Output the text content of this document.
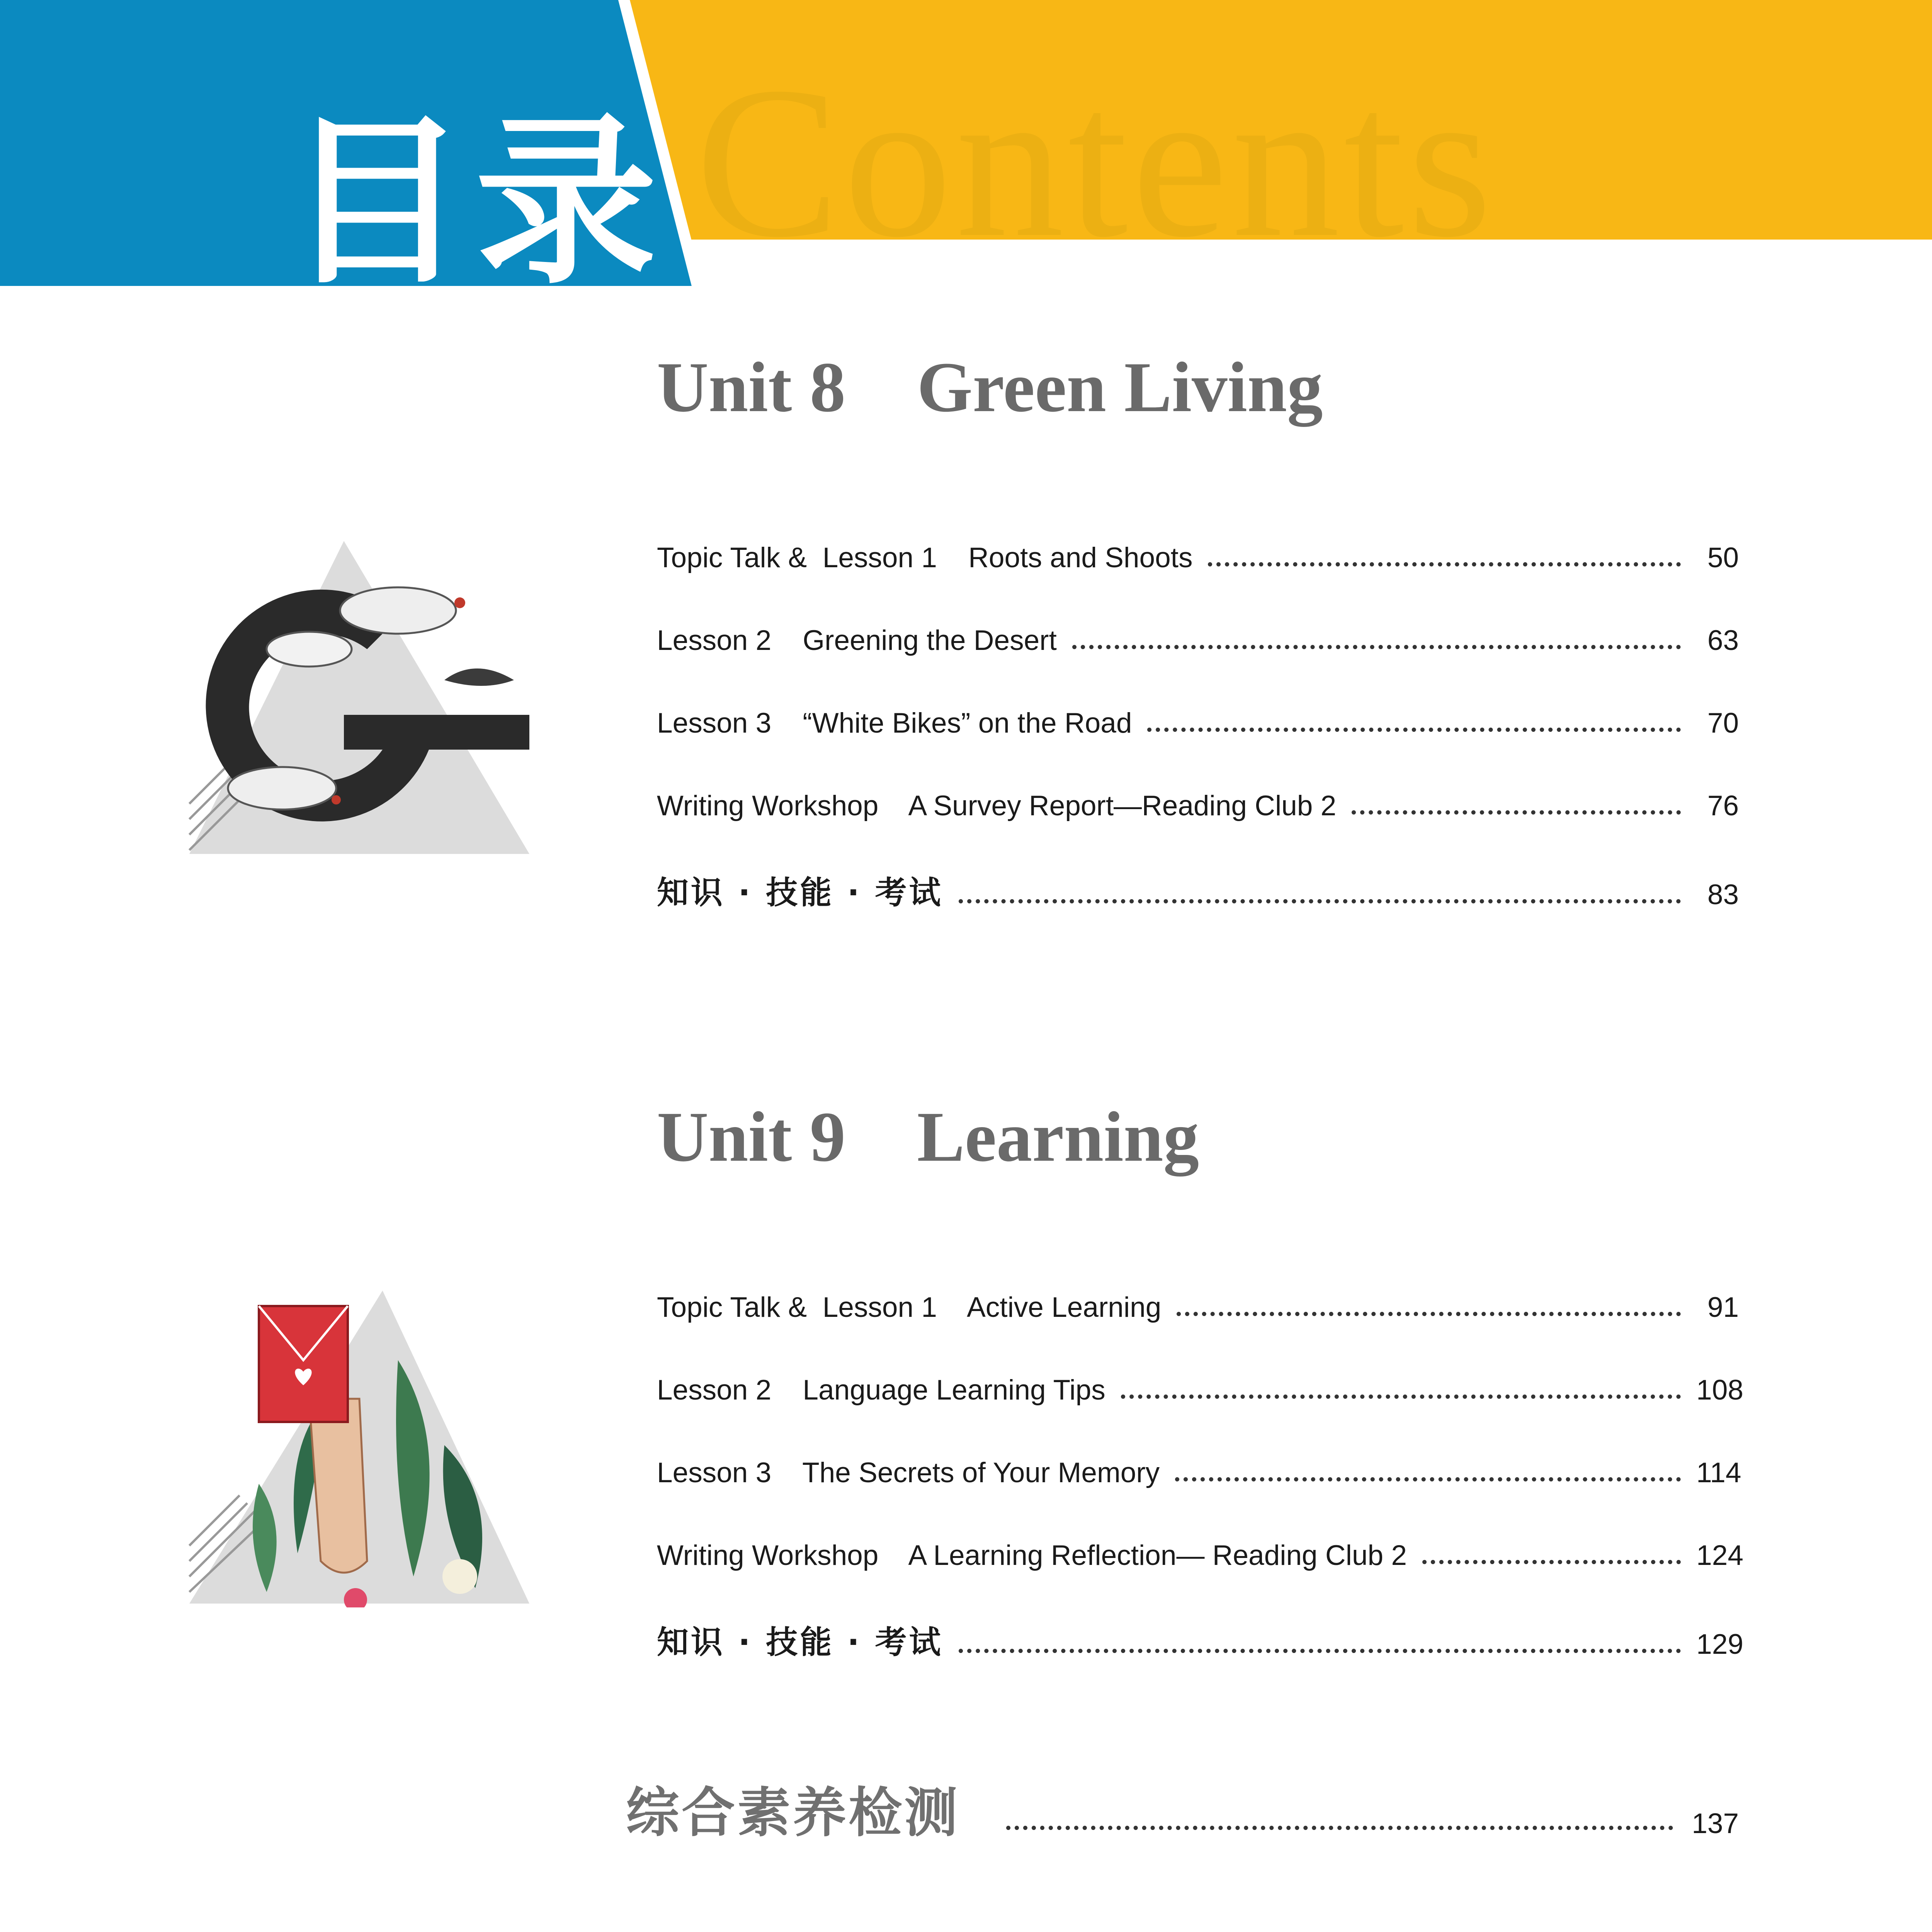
Contents
目录
Unit 8    Green Living
Topic Talk &  Lesson 1    Roots and Shoots	50
Lesson 2    Greening the Desert	63
Lesson 3    “White Bikes” on the Road	70
Writing Workshop    A Survey Report—Reading Club 2	76
知识 · 技能 · 考试	83
Unit 9    Learning
Topic Talk &  Lesson 1    Active Learning	91
Lesson 2    Language Learning Tips	108
Lesson 3    The Secrets of Your Memory	114
Writing Workshop    A Learning Reflection— Reading Club 2	124
知识 · 技能 · 考试	129
综合素养检测	137
